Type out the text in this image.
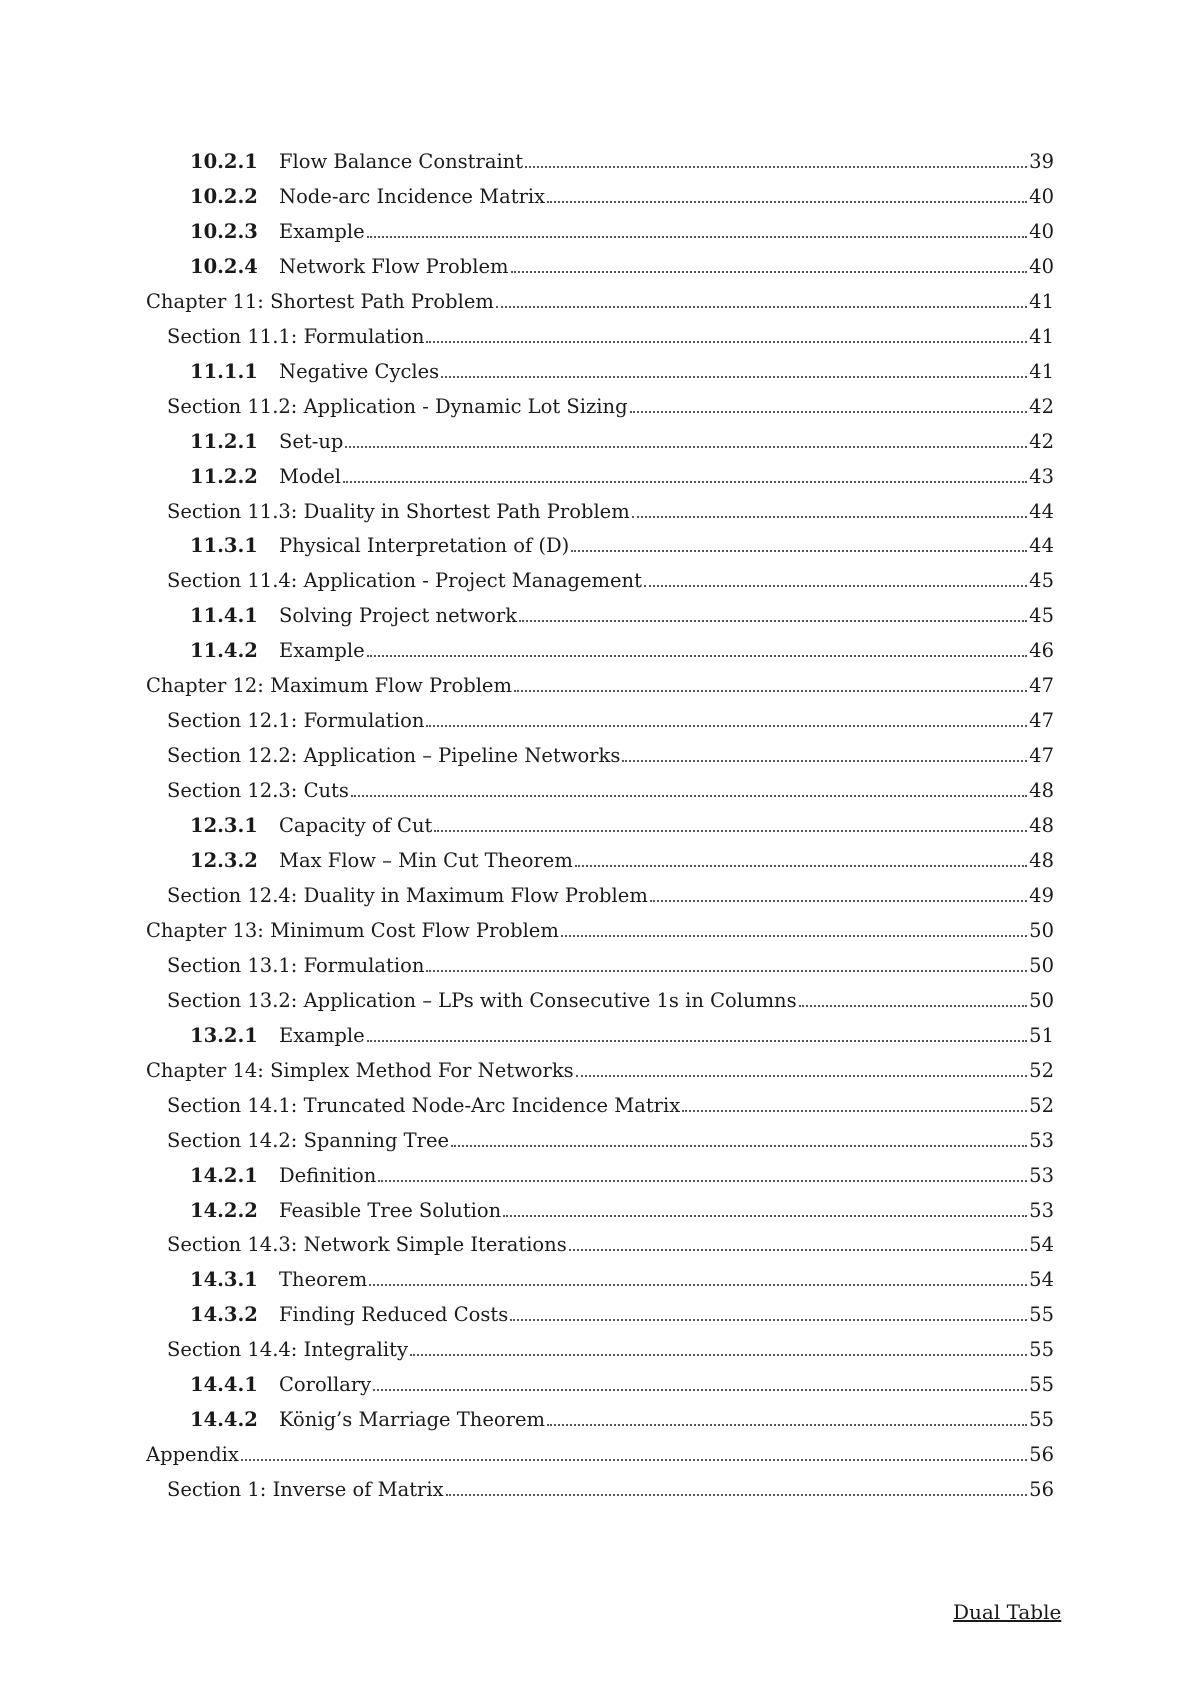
10.2.1	Flow Balance Constraint	39
10.2.2	Node-arc Incidence Matrix	40
10.2.3	Example	40
10.2.4	Network Flow Problem	40
Chapter 11: Shortest Path Problem	41
Section 11.1: Formulation	41
11.1.1	Negative Cycles	41
Section 11.2: Application - Dynamic Lot Sizing	42
11.2.1	Set-up	42
11.2.2	Model	43
Section 11.3: Duality in Shortest Path Problem	44
11.3.1	Physical Interpretation of (D)	44
Section 11.4: Application - Project Management	45
11.4.1	Solving Project network	45
11.4.2	Example	46
Chapter 12: Maximum Flow Problem	47
Section 12.1: Formulation	47
Section 12.2: Application – Pipeline Networks	47
Section 12.3: Cuts	48
12.3.1	Capacity of Cut	48
12.3.2	Max Flow – Min Cut Theorem	48
Section 12.4: Duality in Maximum Flow Problem	49
Chapter 13: Minimum Cost Flow Problem	50
Section 13.1: Formulation	50
Section 13.2: Application – LPs with Consecutive 1s in Columns	50
13.2.1	Example	51
Chapter 14: Simplex Method For Networks	52
Section 14.1: Truncated Node-Arc Incidence Matrix	52
Section 14.2: Spanning Tree	53
14.2.1	Definition	53
14.2.2	Feasible Tree Solution	53
Section 14.3: Network Simple Iterations	54
14.3.1	Theorem	54
14.3.2	Finding Reduced Costs	55
Section 14.4: Integrality	55
14.4.1	Corollary	55
14.4.2	König’s Marriage Theorem	55
Appendix	56
Section 1: Inverse of Matrix	56
Dual Table
